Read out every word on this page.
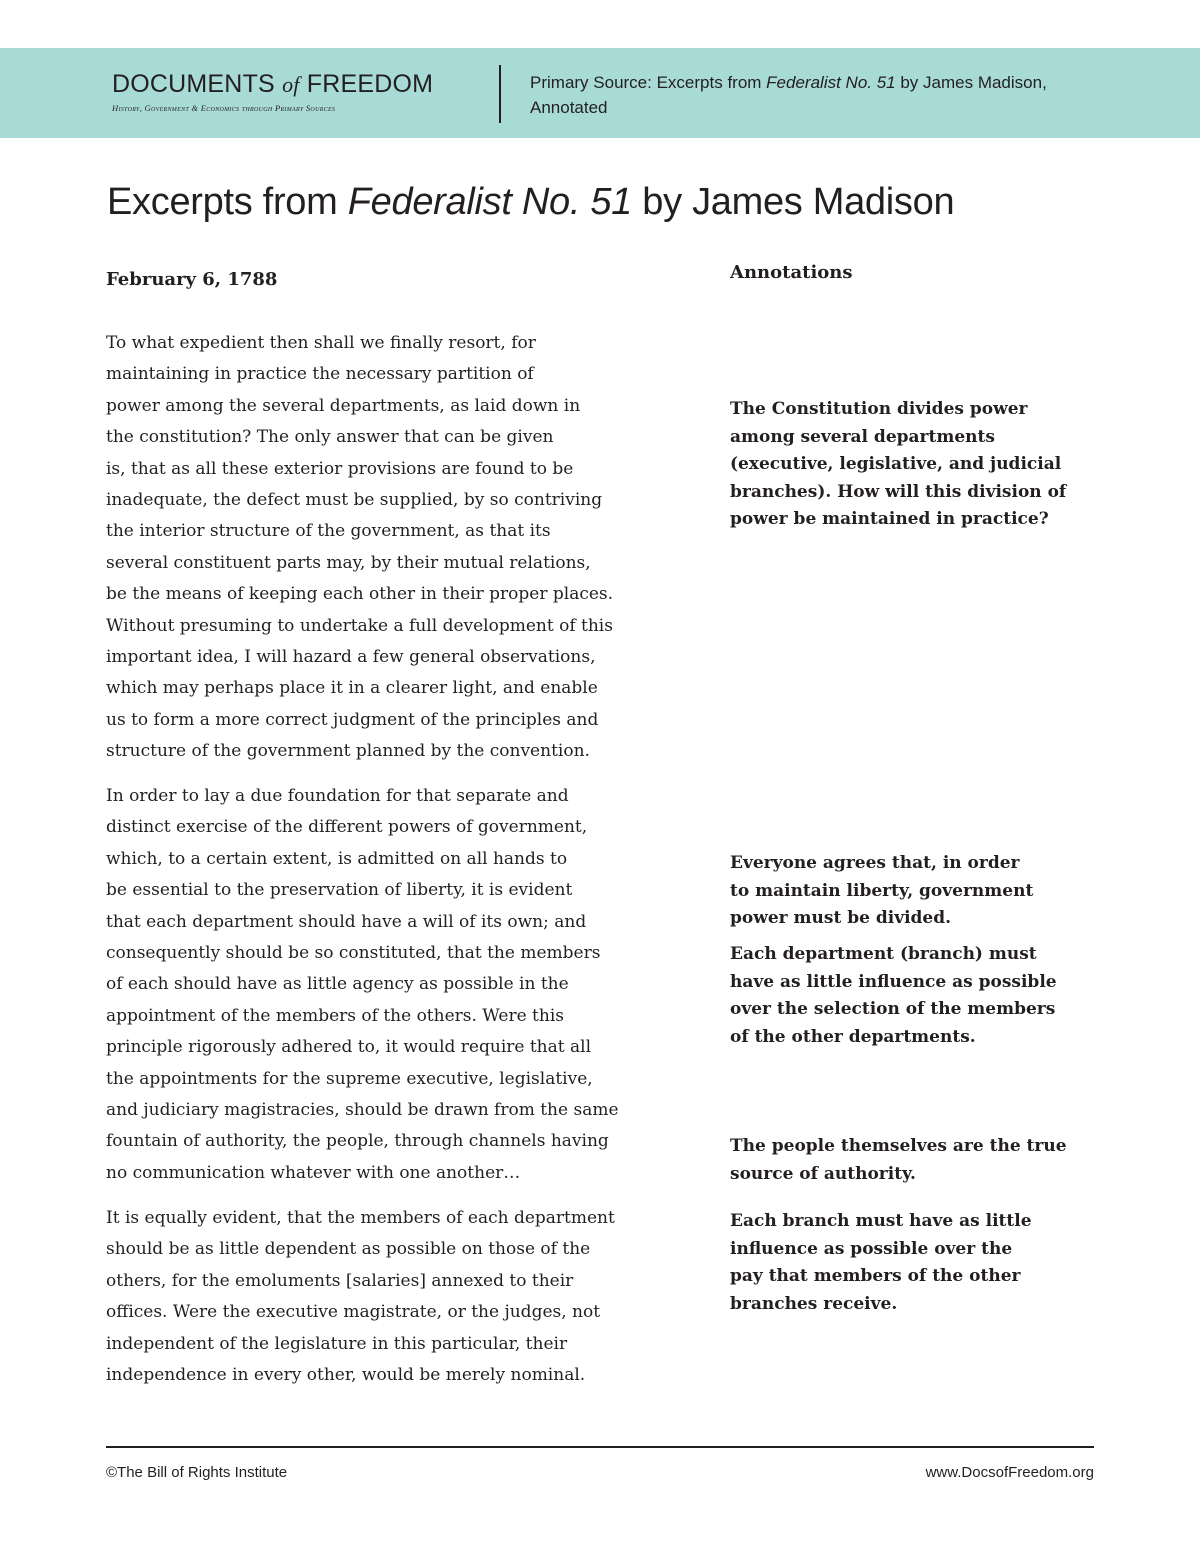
DOCUMENTS of FREEDOM
History, Government & Economics through Primary Sources
Primary Source: Excerpts from Federalist No. 51 by James Madison,
Annotated
Excerpts from Federalist No. 51 by James Madison
February 6, 1788	Annotations
To what expedient then shall we finally resort, for
maintaining in practice the necessary partition of
power among the several departments, as laid down in
the constitution? The only answer that can be given
is, that as all these exterior provisions are found to be
inadequate, the defect must be supplied, by so contriving
the interior structure of the government, as that its
several constituent parts may, by their mutual relations,
be the means of keeping each other in their proper places.
Without presuming to undertake a full development of this
important idea, I will hazard a few general observations,
which may perhaps place it in a clearer light, and enable
us to form a more correct judgment of the principles and
structure of the government planned by the convention.
In order to lay a due foundation for that separate and
distinct exercise of the different powers of government,
which, to a certain extent, is admitted on all hands to
be essential to the preservation of liberty, it is evident
that each department should have a will of its own; and
consequently should be so constituted, that the members
of each should have as little agency as possible in the
appointment of the members of the others. Were this
principle rigorously adhered to, it would require that all
the appointments for the supreme executive, legislative,
and judiciary magistracies, should be drawn from the same
fountain of authority, the people, through channels having
no communication whatever with one another…
It is equally evident, that the members of each department
should be as little dependent as possible on those of the
others, for the emoluments [salaries] annexed to their
offices. Were the executive magistrate, or the judges, not
independent of the legislature in this particular, their
independence in every other, would be merely nominal.
The Constitution divides power
among several departments
(executive, legislative, and judicial
branches). How will this division of
power be maintained in practice?
Everyone agrees that, in order
to maintain liberty, government
power must be divided.
Each department (branch) must
have as little influence as possible
over the selection of the members
of the other departments.
The people themselves are the true
source of authority.
Each branch must have as little
influence as possible over the
pay that members of the other
branches receive.
©The Bill of Rights Institute	www.DocsofFreedom.org
